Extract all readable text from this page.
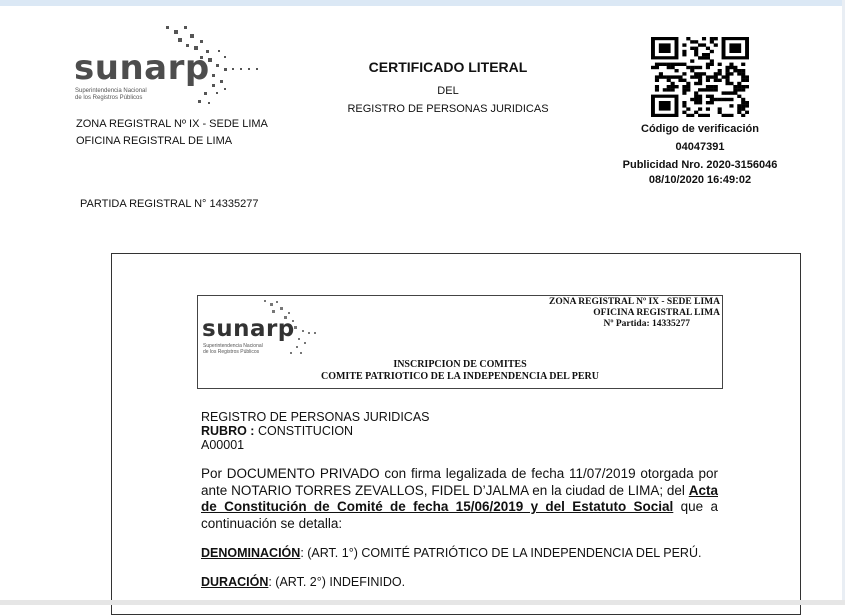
sunarp
Superintendencia Nacional
de los Registros Públicos
ZONA REGISTRAL Nº IX - SEDE LIMA
OFICINA REGISTRAL DE LIMA
CERTIFICADO LITERAL
DEL
REGISTRO DE PERSONAS JURIDICAS
Código de verificación
04047391
Publicidad Nro. 2020-3156046
08/10/2020 16:49:02
PARTIDA REGISTRAL N° 14335277
sunarp
Superintendencia Nacional
de los Registros Públicos
ZONA REGISTRAL Nº IX - SEDE LIMA
OFICINA REGISTRAL LIMA
Nº Partida: 14335277
INSCRIPCION DE COMITES
COMITE PATRIOTICO DE LA INDEPENDENCIA DEL PERU
REGISTRO DE PERSONAS JURIDICAS
RUBRO : CONSTITUCION
A00001
Por DOCUMENTO PRIVADO con firma legalizada de fecha 11/07/2019 otorgada por ante NOTARIO TORRES ZEVALLOS, FIDEL D’JALMA en la ciudad de LIMA; del Acta de Constitución de Comité de fecha 15/06/2019 y del Estatuto Social que a continuación se detalla:
DENOMINACIÓN: (ART. 1°) COMITÉ PATRIÓTICO DE LA INDEPENDENCIA DEL PERÚ.
DURACIÓN: (ART. 2°) INDEFINIDO.
